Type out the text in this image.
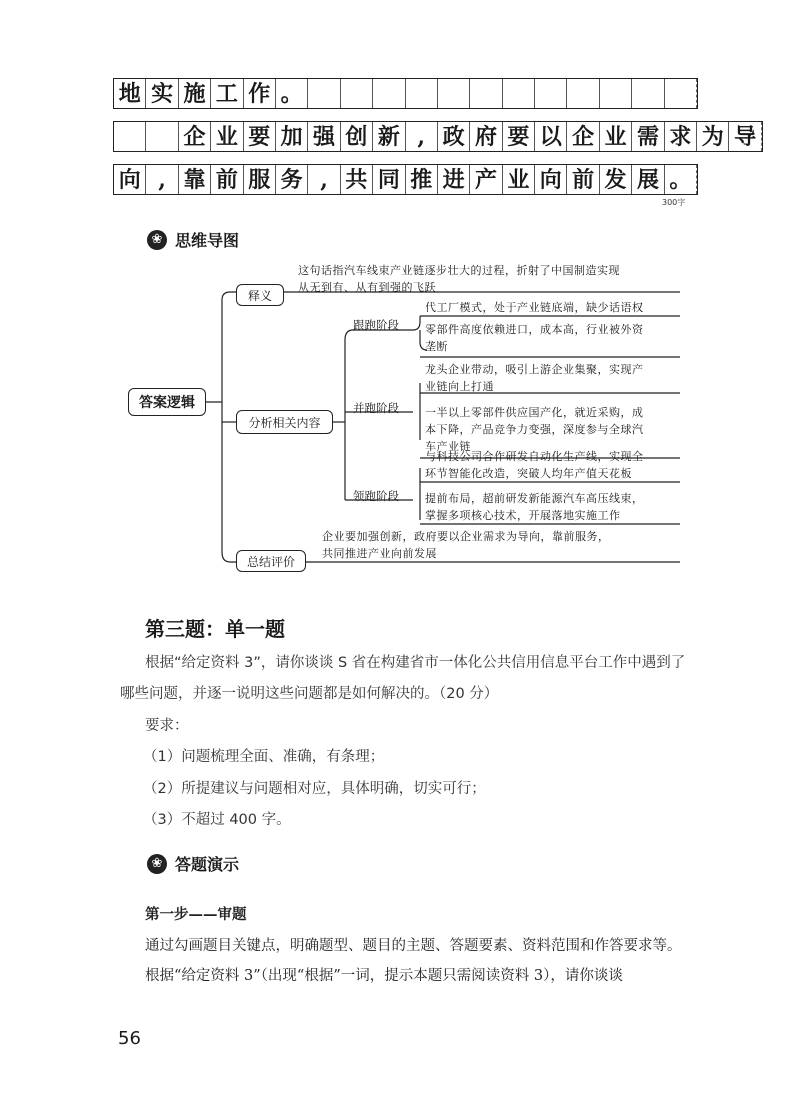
地 实 施 工 作 。
企 业 要 加 强 创 新 , 政 府 要 以 企 业 需 求 为 导
向 , 靠 前 服 务 , 共 同 推 进 产 业 向 前 发 展 。
300字
❀ 思维导图
答案逻辑
释义
分析相关内容
总结评价
这句话指汽车线束产业链逐步壮大的过程，折射了中国制造实现
从无到有、从有到强的飞跃
跟跑阶段
代工厂模式，处于产业链底端，缺少话语权
零部件高度依赖进口，成本高，行业被外资
垄断
并跑阶段
龙头企业带动，吸引上游企业集聚，实现产
业链向上打通
一半以上零部件供应国产化，就近采购，成
本下降，产品竞争力变强，深度参与全球汽
车产业链
领跑阶段
与科技公司合作研发自动化生产线，实现全
环节智能化改造，突破人均年产值天花板
提前布局，超前研发新能源汽车高压线束，
掌握多项核心技术，开展落地实施工作
企业要加强创新，政府要以企业需求为导向，靠前服务，
共同推进产业向前发展
第三题：单一题
根据“给定资料 3”，请你谈谈 S 省在构建省市一体化公共信用信息平台工作中遇到了
哪些问题，并逐一说明这些问题都是如何解决的。（20 分）
要求：
（1）问题梳理全面、准确，有条理；
（2）所提建议与问题相对应，具体明确，切实可行；
（3）不超过 400 字。
❀ 答题演示
第一步——审题
通过勾画题目关键点，明确题型、题目的主题、答题要素、资料范围和作答要求等。
根据“给定资料 3”（出现“根据”一词，提示本题只需阅读资料 3），请你谈谈
56
